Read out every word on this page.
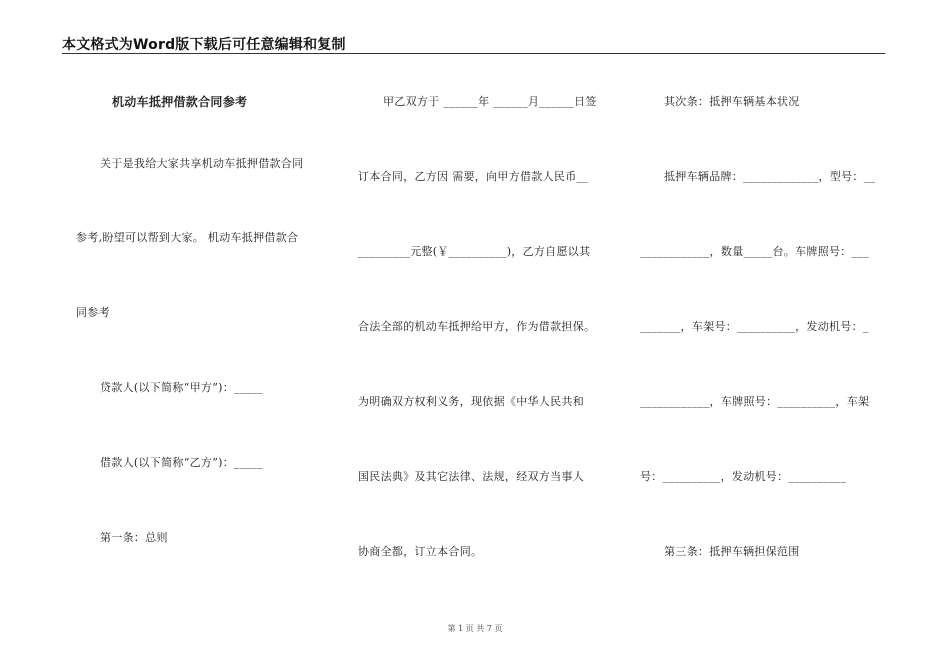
本文格式为Word版下载后可任意编辑和复制
机动车抵押借款合同参考
关于是我给大家共享机动车抵押借款合同
参考,盼望可以帮到大家。 机动车抵押借款合
同参考
贷款人(以下简称“甲方”)：_____
借款人(以下简称“乙方”)：_____
第一条：总则
甲乙双方于 ______年 ______月______日签
订本合同，乙方因 需要，向甲方借款人民币__
_________元整(￥__________)，乙方自愿以其
合法全部的机动车抵押给甲方，作为借款担保。
为明确双方权利义务，现依据《中华人民共和
国民法典》及其它法律、法规，经双方当事人
协商全都，订立本合同。
其次条：抵押车辆基本状况
抵押车辆品牌：_____________，型号：__
____________，数量_____台。车牌照号：___
_______，车架号：__________，发动机号：_
____________，车牌照号：__________，车架
号：__________，发动机号：__________
第三条：抵押车辆担保范围
第 1 页 共 7 页
